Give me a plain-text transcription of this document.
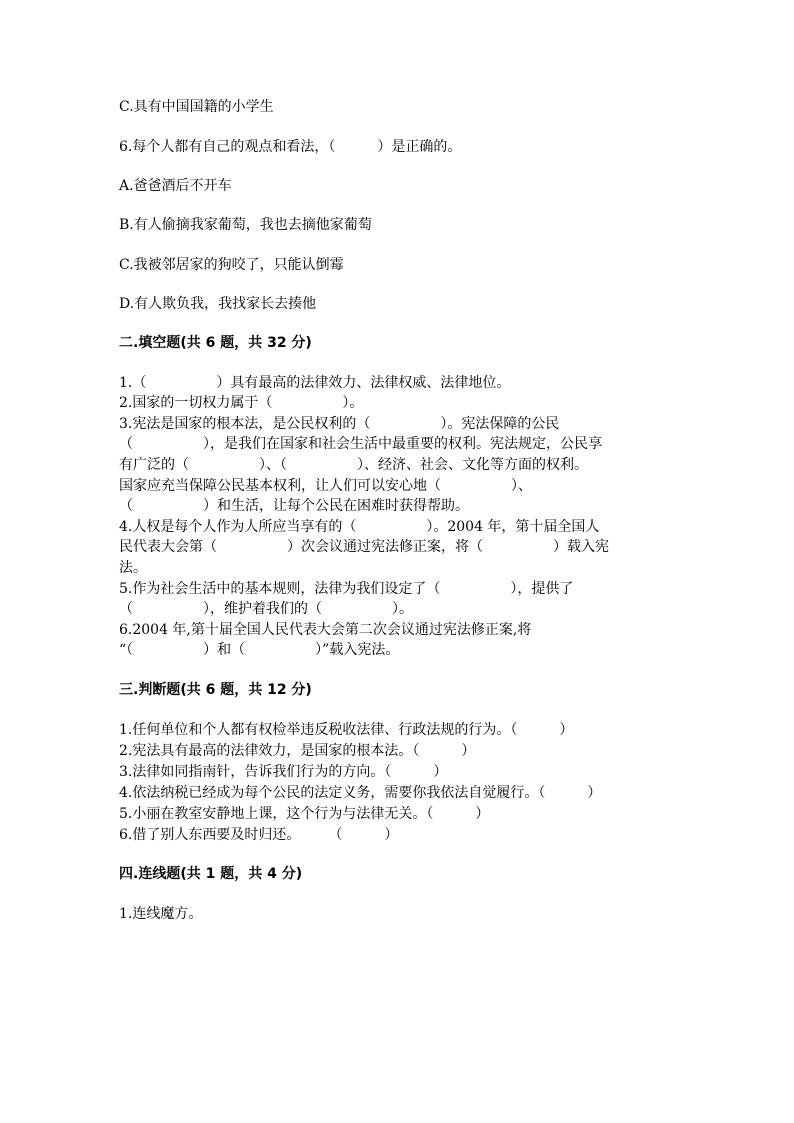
C.具有中国国籍的小学生
6.每个人都有自己的观点和看法，（　　　）是正确的。
A.爸爸酒后不开车
B.有人偷摘我家葡萄，我也去摘他家葡萄
C.我被邻居家的狗咬了，只能认倒霉
D.有人欺负我，我找家长去揍他
二.填空题(共 6 题，共 32 分)
1.（　　　　　）具有最高的法律效力、法律权威、法律地位。
2.国家的一切权力属于（　　　　　）。
3.宪法是国家的根本法，是公民权利的（　　　　　）。宪法保障的公民
（　　　　　），是我们在国家和社会生活中最重要的权利。宪法规定，公民享
有广泛的（　　　　　）、（　　　　　）、经济、社会、文化等方面的权利。
国家应充当保障公民基本权利，让人们可以安心地（　　　　　）、
（　　　　　）和生活，让每个公民在困难时获得帮助。
4.人权是每个人作为人所应当享有的（　　　　　）。2004 年，第十届全国人
民代表大会第（　　　　　）次会议通过宪法修正案，将（　　　　　）载入宪
法。
5.作为社会生活中的基本规则，法律为我们设定了（　　　　　），提供了
（　　　　　），维护着我们的（　　　　　）。
6.2004 年,第十届全国人民代表大会第二次会议通过宪法修正案,将
“（　　　　　）和（　　　　　）”载入宪法。
三.判断题(共 6 题，共 12 分)
1.任何单位和个人都有权检举违反税收法律、行政法规的行为。（　　　）
2.宪法具有最高的法律效力，是国家的根本法。（　　　）
3.法律如同指南针，告诉我们行为的方向。（　　　）
4.依法纳税已经成为每个公民的法定义务，需要你我依法自觉履行。（　　　）
5.小丽在教室安静地上课，这个行为与法律无关。（　　　）
6.借了别人东西要及时归还。　　　（　　　）
四.连线题(共 1 题，共 4 分)
1.连线魔方。
